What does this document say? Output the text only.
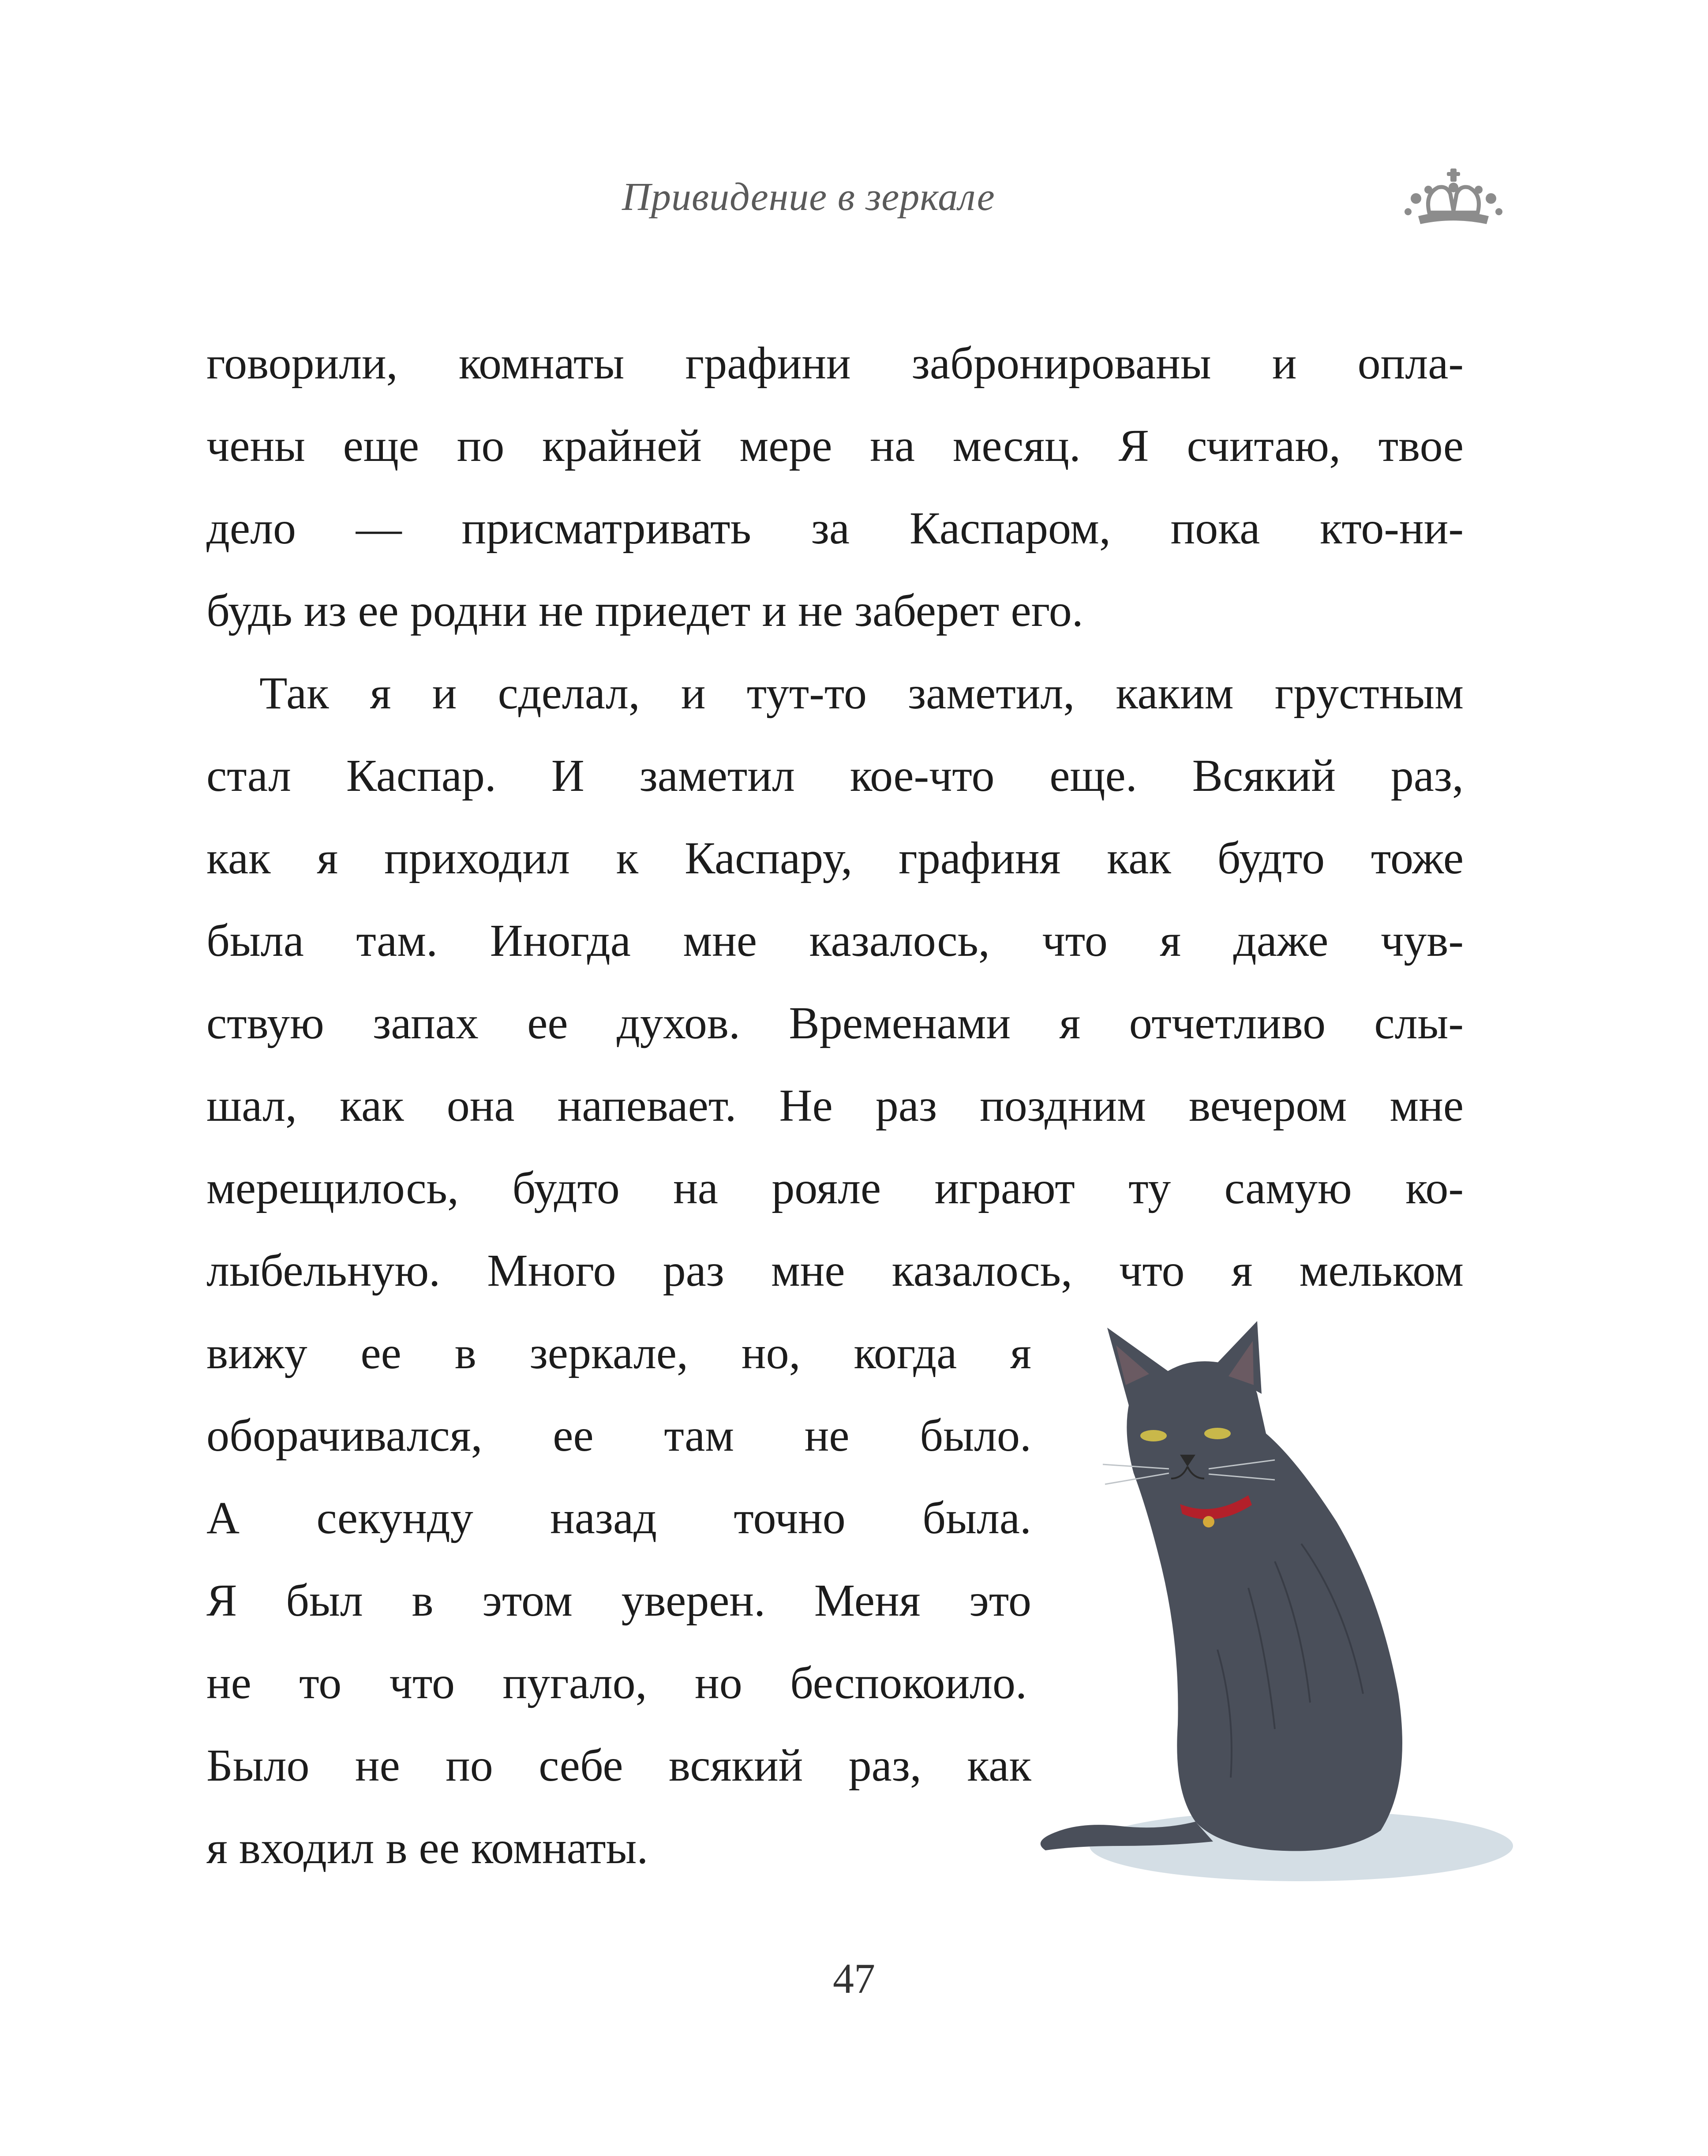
Привидение в зеркале
говорили, комнаты графини забронированы и опла-
чены еще по крайней мере на месяц. Я считаю, твое
дело — присматривать за Каспаром, пока кто-ни-
будь из ее родни не приедет и не заберет его.
Так я и сделал, и тут-то заметил, каким грустным
стал Каспар. И заметил кое-что еще. Всякий раз,
как я приходил к Каспару, графиня как будто тоже
была там. Иногда мне казалось, что я даже чув-
ствую запах ее духов. Временами я отчетливо слы-
шал, как она напевает. Не раз поздним вечером мне
мерещилось, будто на рояле играют ту самую ко-
лыбельную. Много раз мне казалось, что я мельком
вижу ее в зеркале, но, когда я
оборачивался, ее там не было.
А секунду назад точно была.
Я был в этом уверен. Меня это
не то что пугало, но беспокоило.
Было не по себе всякий раз, как
я входил в ее комнаты.
47
